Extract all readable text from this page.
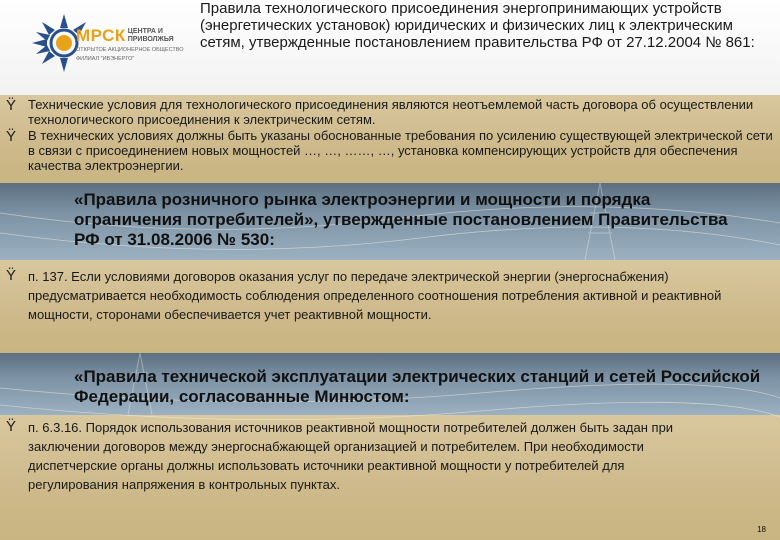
МРСК ЦЕНТРА И
ПРИВОЛЖЬЯ
ОТКРЫТОЕ АКЦИОНЕРНОЕ ОБЩЕСТВО
ФИЛИАЛ "ИВЭНЕРГО"
Правила технологического присоединения энергопринимающих устройств (энергетических установок) юридических и физических лиц к электрическим сетям, утвержденные постановлением правительства РФ от 27.12.2004 № 861:
Ÿ Технические условия для технологического присоединения являются неотъемлемой часть договора об осуществлении технологического присоединения к электрическим сетям.
Ÿ В технических условиях должны быть указаны обоснованные требования по усилению существующей электрической сети в связи с присоединением новых мощностей …, …, ……, …, установка компенсирующих устройств для обеспечения качества электроэнергии.
«Правила розничного рынка электроэнергии и мощности и порядка ограничения потребителей», утвержденные постановлением Правительства РФ от 31.08.2006 № 530:
Ÿ п. 137. Если условиями договоров оказания услуг по передаче электрической энергии (энергоснабжения) предусматривается необходимость соблюдения определенного соотношения потребления активной и реактивной мощности, сторонами обеспечивается учет реактивной мощности.
«Правила технической эксплуатации электрических станций и сетей Российской Федерации, согласованные Минюстом:
Ÿ п. 6.3.16. Порядок использования источников реактивной мощности потребителей должен быть задан при заключении договоров между энергоснабжающей организацией и потребителем. При необходимости диспетчерские органы должны использовать источники реактивной мощности у потребителей для регулирования напряжения в контрольных пунктах.
18
